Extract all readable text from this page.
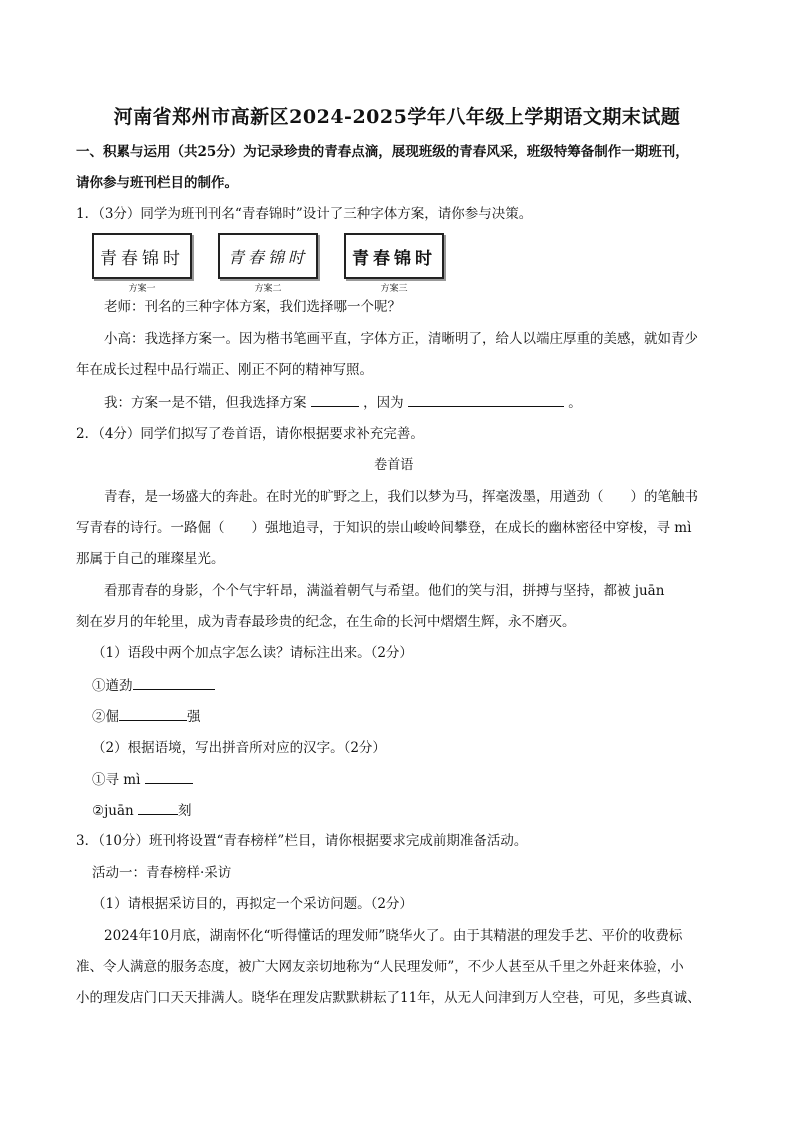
河南省郑州市高新区2024-2025学年八年级上学期语文期末试题
一、积累与运用（共25分）为记录珍贵的青春点滴，展现班级的青春风采，班级特筹备制作一期班刊，
请你参与班刊栏目的制作。
1．（3分）同学为班刊刊名“青春锦时”设计了三种字体方案，请你参与决策。
青春锦时	青春锦时	青春锦时
方案一	方案二	方案三
老师：刊名的三种字体方案，我们选择哪一个呢？
小高：我选择方案一。因为楷书笔画平直，字体方正，清晰明了，给人以端庄厚重的美感，就如青少
年在成长过程中品行端正、刚正不阿的精神写照。
我：方案一是不错，但我选择方案	，因为	。
2．（4分）同学们拟写了卷首语，请你根据要求补充完善。
卷首语
青春，是一场盛大的奔赴。在时光的旷野之上，我们以梦为马，挥毫泼墨，用遒劲（　　）的笔触书
写青春的诗行。一路倔（　　）强地追寻，于知识的崇山峻岭间攀登，在成长的幽林密径中穿梭，寻 mì
那属于自己的璀璨星光。
看那青春的身影，个个气宇轩昂，满溢着朝气与希望。他们的笑与泪，拼搏与坚持，都被 juān
刻在岁月的年轮里，成为青春最珍贵的纪念，在生命的长河中熠熠生辉，永不磨灭。
（1）语段中两个加点字怎么读？请标注出来。（2分）
①遒劲
②倔	强
（2）根据语境，写出拼音所对应的汉字。（2分）
①寻 mì
②juān	刻
3．（10分）班刊将设置“青春榜样”栏目，请你根据要求完成前期准备活动。
活动一：青春榜样·采访
（1）请根据采访目的，再拟定一个采访问题。（2分）
2024年10月底，湖南怀化“听得懂话的理发师”晓华火了。由于其精湛的理发手艺、平价的收费标
准、令人满意的服务态度，被广大网友亲切地称为“人民理发师”，不少人甚至从千里之外赶来体验，小
小的理发店门口天天排满人。晓华在理发店默默耕耘了11年，从无人问津到万人空巷，可见，多些真诚、
